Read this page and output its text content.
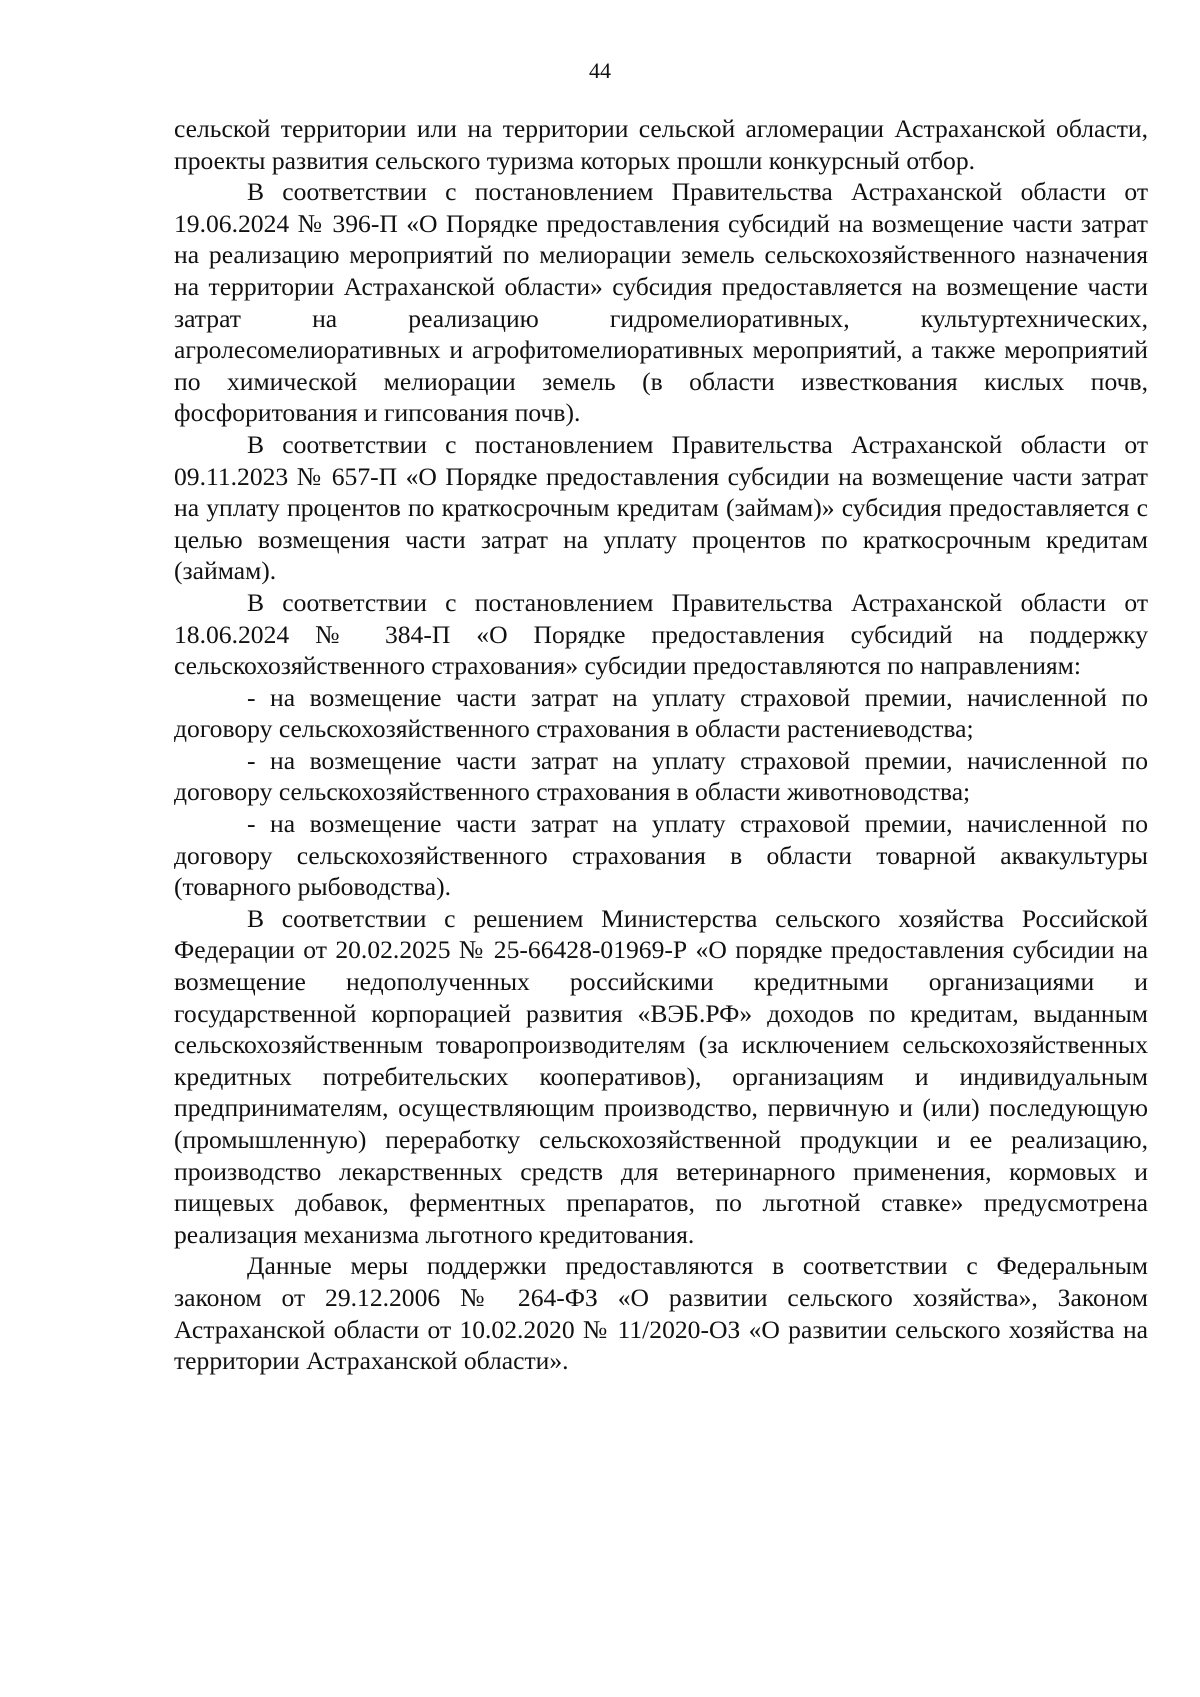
44

сельской территории или на территории сельской агломерации Астраханской области, проекты развития сельского туризма которых прошли конкурсный отбор.

В соответствии с постановлением Правительства Астраханской области от 19.06.2024 № 396-П «О Порядке предоставления субсидий на возмещение части затрат на реализацию мероприятий по мелиорации земель сельскохозяйственного назначения на территории Астраханской области» субсидия предоставляется на возмещение части затрат на реализацию гидромелиоративных, культуртехнических, агролесомелиоративных и агрофитомелиоративных мероприятий, а также мероприятий по химической мелиорации земель (в области известкования кислых почв, фосфоритования и гипсования почв).

В соответствии с постановлением Правительства Астраханской области от 09.11.2023 № 657-П «О Порядке предоставления субсидии на возмещение части затрат на уплату процентов по краткосрочным кредитам (займам)» субсидия предоставляется с целью возмещения части затрат на уплату процентов по краткосрочным кредитам (займам).

В соответствии с постановлением Правительства Астраханской области от 18.06.2024 № 384-П «О Порядке предоставления субсидий на поддержку сельскохозяйственного страхования» субсидии предоставляются по направлениям:

- на возмещение части затрат на уплату страховой премии, начисленной по договору сельскохозяйственного страхования в области растениеводства;

- на возмещение части затрат на уплату страховой премии, начисленной по договору сельскохозяйственного страхования в области животноводства;

- на возмещение части затрат на уплату страховой премии, начисленной по договору сельскохозяйственного страхования в области товарной аквакультуры (товарного рыбоводства).

В соответствии с решением Министерства сельского хозяйства Российской Федерации от 20.02.2025 № 25-66428-01969-Р «О порядке предоставления субсидии на возмещение недополученных российскими кредитными организациями и государственной корпорацией развития «ВЭБ.РФ» доходов по кредитам, выданным сельскохозяйственным товаропроизводителям (за исключением сельскохозяйственных кредитных потребительских кооперативов), организациям и индивидуальным предпринимателям, осуществляющим производство, первичную и (или) последующую (промышленную) переработку сельскохозяйственной продукции и ее реализацию, производство лекарственных средств для ветеринарного применения, кормовых и пищевых добавок, ферментных препаратов, по льготной ставке» предусмотрена реализация механизма льготного кредитования.

Данные меры поддержки предоставляются в соответствии с Федеральным законом от 29.12.2006 № 264-ФЗ «О развитии сельского хозяйства», Законом Астраханской области от 10.02.2020 № 11/2020-ОЗ «О развитии сельского хозяйства на территории Астраханской области».
